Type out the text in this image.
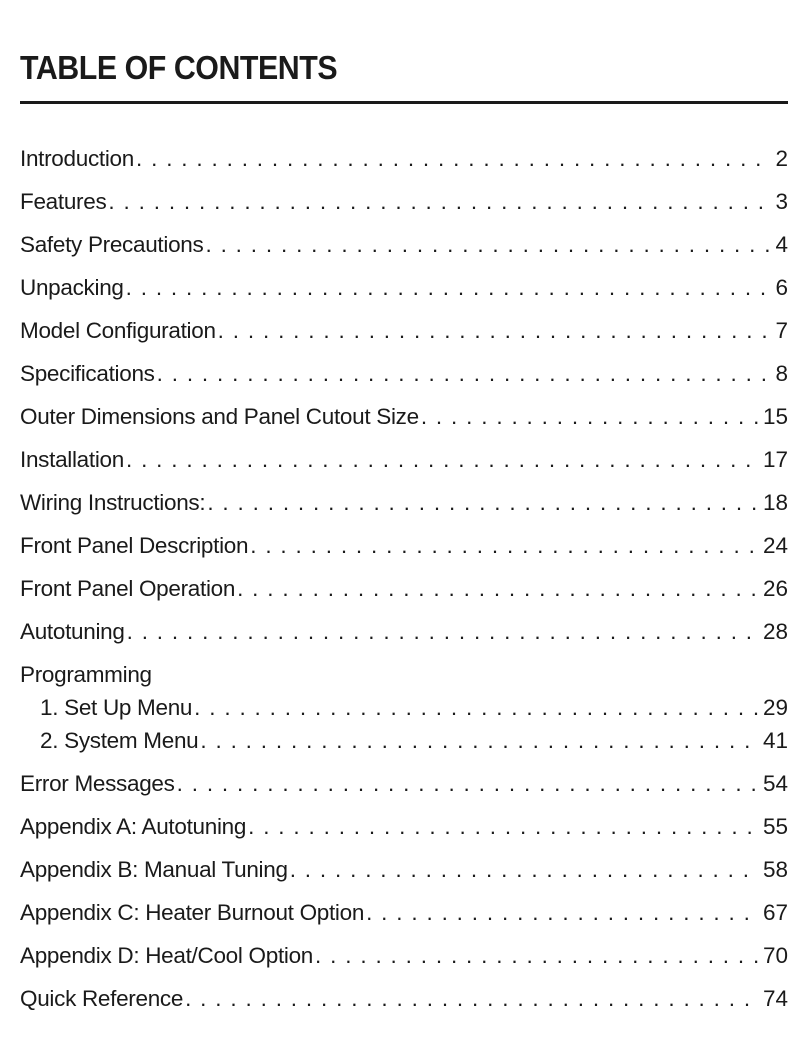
TABLE OF CONTENTS
Introduction . . .	2
Features . . .	3
Safety Precautions . . .	4
Unpacking . . .	6
Model Configuration . . .	7
Specifications . . .	8
Outer Dimensions and Panel Cutout Size . . .	15
Installation . . .	17
Wiring Instructions: . . .	18
Front Panel Description . . .	24
Front Panel Operation . . .	26
Autotuning . . .	28
Programming
1. Set Up Menu . . .	29
2. System Menu . . .	41
Error Messages . . .	54
Appendix A: Autotuning . . .	55
Appendix B: Manual Tuning . . .	58
Appendix C: Heater Burnout Option . . .	67
Appendix D: Heat/Cool Option . . .	70
Quick Reference . . .	74
